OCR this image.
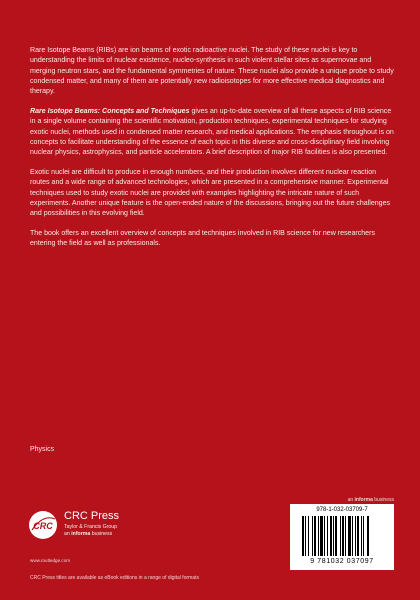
Rare Isotope Beams (RIBs) are ion beams of exotic radioactive nuclei. The study of these nuclei is key to understanding the limits of nuclear existence, nucleo-synthesis in such violent stellar sites as supernovae and merging neutron stars, and the fundamental symmetries of nature. These nuclei also provide a unique probe to study condensed matter, and many of them are potentially new radioisotopes for more effective medical diagnostics and therapy.

Rare Isotope Beams: Concepts and Techniques gives an up-to-date overview of all these aspects of RIB science in a single volume containing the scientific motivation, production techniques, experimental techniques for studying exotic nuclei, methods used in condensed matter research, and medical applications. The emphasis throughout is on concepts to facilitate understanding of the essence of each topic in this diverse and cross-disciplinary field involving nuclear physics, astrophysics, and particle accelerators. A brief description of major RIB facilities is also presented.

Exotic nuclei are difficult to produce in enough numbers, and their production involves different nuclear reaction routes and a wide range of advanced technologies, which are presented in a comprehensive manner. Experimental techniques used to study exotic nuclei are provided with examples highlighting the intricate nature of such experiments. Another unique feature is the open-ended nature of the discussions, bringing out the future challenges and possibilities in this evolving field.

The book offers an excellent overview of concepts and techniques involved in RIB science for new researchers entering the field as well as professionals.

Physics
an informa business
CRC
CRC Press
Taylor & Francis Group
an informa business
www.routledge.com
CRC Press titles are available as eBook editions in a range of digital formats
978-1-032-03709-7
9 781032 037097
